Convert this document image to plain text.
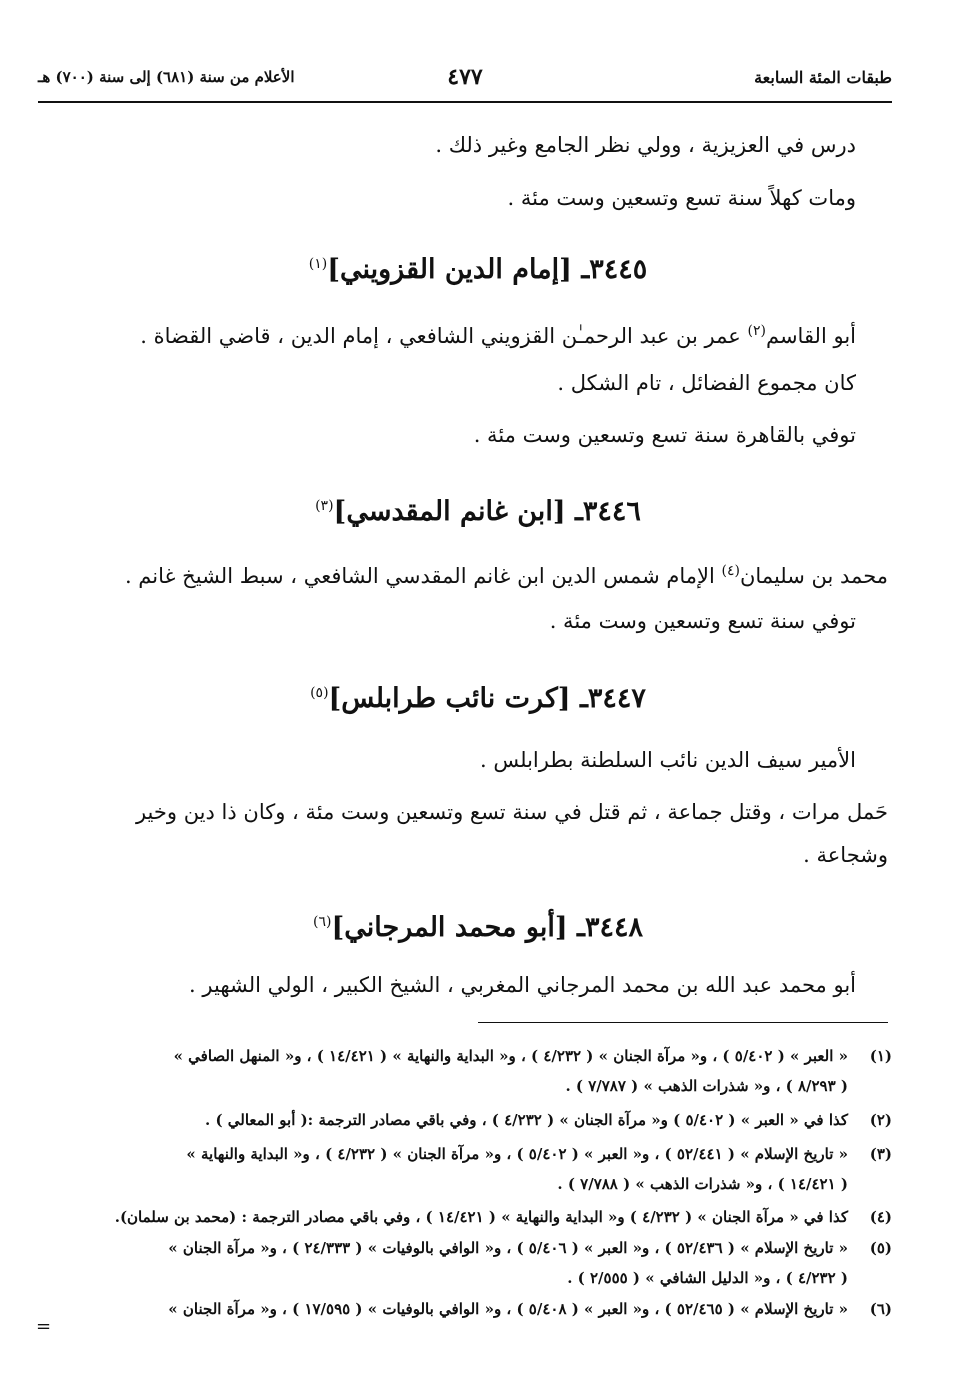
طبقات المئة السابعة
٤٧٧
الأعلام من سنة (٦٨١) إلى سنة (٧٠٠) هـ
درس في العزيزية ، وولي نظر الجامع وغير ذلك .
ومات كهلاً سنة تسع وتسعين وست مئة .
٣٤٤٥ـ [إمام الدين القزويني]$^{(١)}$
أبو القاسم$^{(٢)}$ عمر بن عبد الرحمـٰن القزويني الشافعي ، إمام الدين ، قاضي القضاة .
كان مجموع الفضائل ، تام الشكل .
توفي بالقاهرة سنة تسع وتسعين وست مئة .
٣٤٤٦ـ [ابن غانم المقدسي]$^{(٣)}$
محمد بن سليمان$^{(٤)}$ الإمام شمس الدين ابن غانم المقدسي الشافعي ، سبط الشيخ غانم .
توفي سنة تسع وتسعين وست مئة .
٣٤٤٧ـ [كرت نائب طرابلس]$^{(٥)}$
الأمير سيف الدين نائب السلطنة بطرابلس .
حَمل مرات ، وقتل جماعة ، ثم قتل في سنة تسع وتسعين وست مئة ، وكان ذا دين وخير
وشجاعة .
٣٤٤٨ـ [أبو محمد المرجاني]$^{(٦)}$
أبو محمد عبد الله بن محمد المرجاني المغربي ، الشيخ الكبير ، الولي الشهير .
(١)
« العبر » ( ٥/٤٠٢ ) ، و« مرآة الجنان » ( ٤/٢٣٢ ) ، و« البداية والنهاية » ( ١٤/٤٢١ ) ، و« المنهل الصافي »
( ٨/٢٩٣ ) ، و« شذرات الذهب » ( ٧/٧٨٧ ) .
(٢)
كذا في « العبر » ( ٥/٤٠٢ ) و« مرآة الجنان » ( ٤/٢٣٢ ) ، وفي باقي مصادر الترجمة :( أبو المعالي ) .
(٣)
« تاريخ الإسلام » ( ٥٢/٤٤١ ) ، و« العبر » ( ٥/٤٠٢ ) ، و« مرآة الجنان » ( ٤/٢٣٢ ) ، و« البداية والنهاية »
( ١٤/٤٢١ ) ، و« شذرات الذهب » ( ٧/٧٨٨ ) .
(٤)
كذا في « مرآة الجنان » ( ٤/٢٣٢ ) و« البداية والنهاية » ( ١٤/٤٢١ ) ، وفي باقي مصادر الترجمة : (محمد بن سلمان).
(٥)
« تاريخ الإسلام » ( ٥٢/٤٣٦ ) ، و« العبر » ( ٥/٤٠٦ ) ، و« الوافي بالوفيات » ( ٢٤/٣٣٣ ) ، و« مرآة الجنان »
( ٤/٢٣٢ ) ، و« الدليل الشافي » ( ٢/٥٥٥ ) .
(٦)
« تاريخ الإسلام » ( ٥٢/٤٦٥ ) ، و« العبر » ( ٥/٤٠٨ ) ، و« الوافي بالوفيات » ( ١٧/٥٩٥ ) ، و« مرآة الجنان »
=
